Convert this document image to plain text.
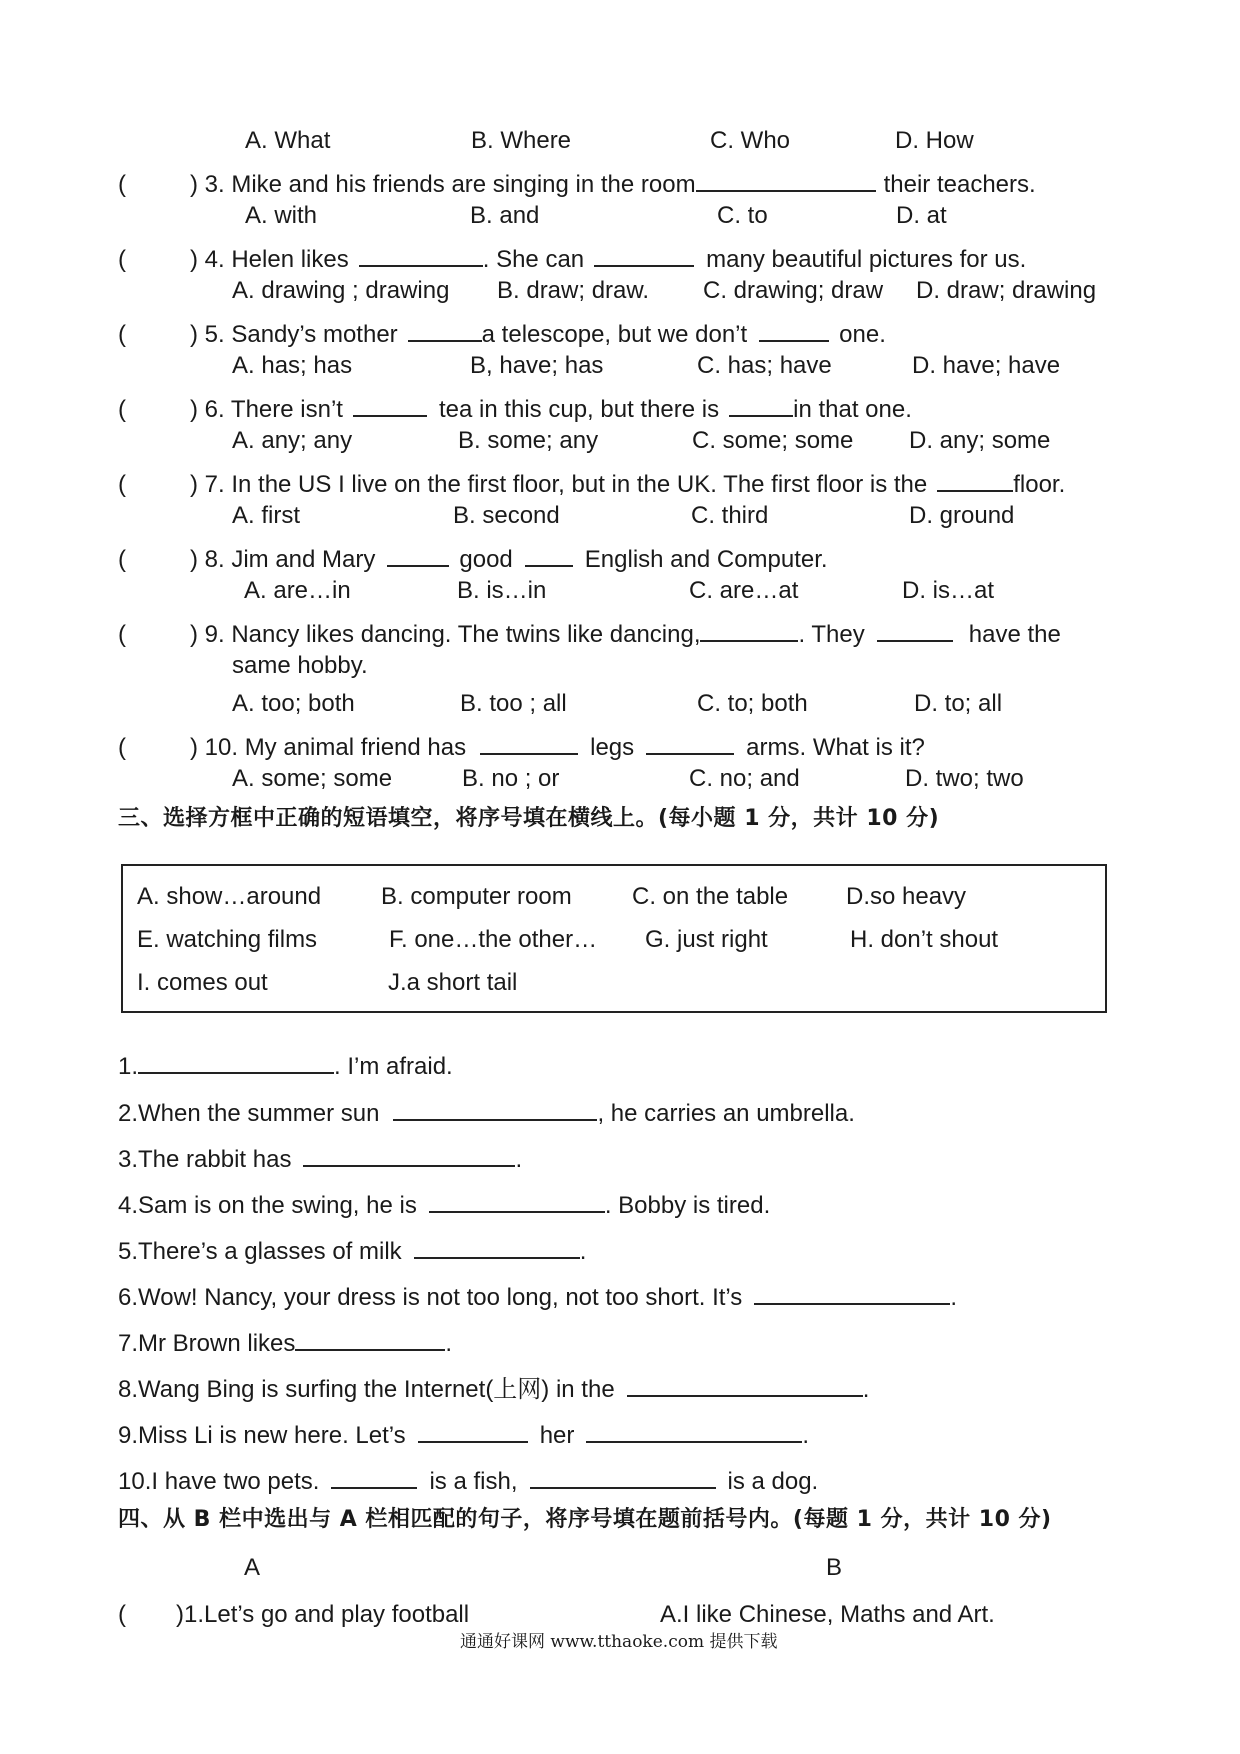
A. What	B. Where	C. Who	D. How
(	) 3. Mike and his friends are singing in the room	their teachers.
A. with	B. and	C. to	D. at
(	) 4. Helen likes	. She can	many beautiful pictures for us.
A. drawing ; drawing B. draw; draw. C. drawing; draw D. draw; drawing
(	) 5. Sandy’s mother	a telescope, but we don’t	one.
A. has; has	B, have; has	C. has; have	D. have; have
(	) 6. There isn’t	tea in this cup, but there is	in that one.
A. any; any	B. some; any	C. some; some D. any; some
(	) 7. In the US I live on the first floor, but in the UK. The first floor is the	floor.
A. first	B. second	C. third	D. ground
(	) 8. Jim and Mary	good	English and Computer.
A. are…in	B. is…in	C. are…at	D. is…at
(	) 9. Nancy likes dancing. The twins like dancing,	. They	have the
same hobby.
A. too; both	B. too ; all	C. to; both	D. to; all
(	) 10. My animal friend has	legs	arms. What is it?
A. some; some	B. no ; or	C. no; and	D. two; two
三、选择方框中正确的短语填空，将序号填在横线上。(每小题 1 分，共计 10 分)
A. show…around B. computer room	C. on the table D.so heavy
E. watching films	F. one…the other… G. just right	H. don’t shout
I. comes out	J.a short tail
1.	. I’m afraid.
2.When the summer sun	, he carries an umbrella.
3.The rabbit has	.
4.Sam is on the swing, he is	. Bobby is tired.
5.There’s a glasses of milk	.
6.Wow! Nancy, your dress is not too long, not too short. It’s	.
7.Mr Brown likes	.
8.Wang Bing is surfing the Internet(上网) in the	.
9.Miss Li is new here. Let’s	her	.
10.I have two pets.	is a fish,	is a dog.
四、从 B 栏中选出与 A 栏相匹配的句子，将序号填在题前括号内。(每题 1 分，共计 10 分)
A	B
( )1.Let’s go and play football	A.I like Chinese, Maths and Art.
通通好课网 www.tthaoke.com 提供下载
